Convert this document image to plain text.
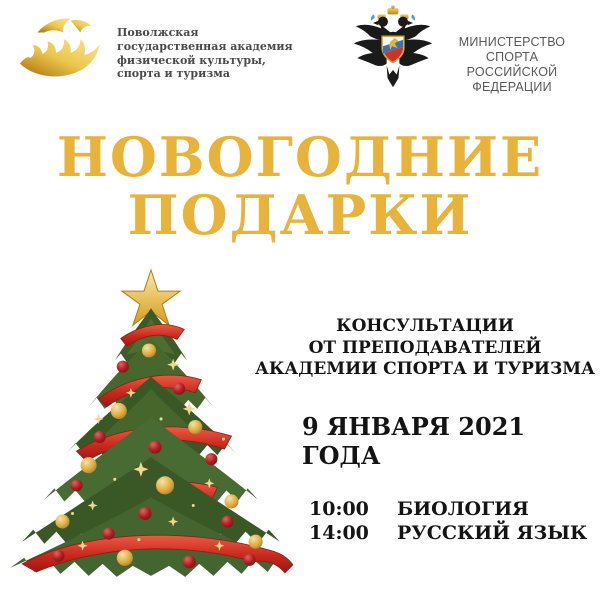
Поволжская
государственная академия
физической культуры,
спорта и туризма
МИНИСТЕРСТВО СПОРТА
РОССИЙСКОЙ ФЕДЕРАЦИИ
НОВОГОДНИЕ
ПОДАРКИ
КОНСУЛЬТАЦИИ
ОТ ПРЕПОДАВАТЕЛЕЙ
АКАДЕМИИ СПОРТА И ТУРИЗМА
9 ЯНВАРЯ 2021 ГОДА
10:00 БИОЛОГИЯ
14:00 РУССКИЙ ЯЗЫК
